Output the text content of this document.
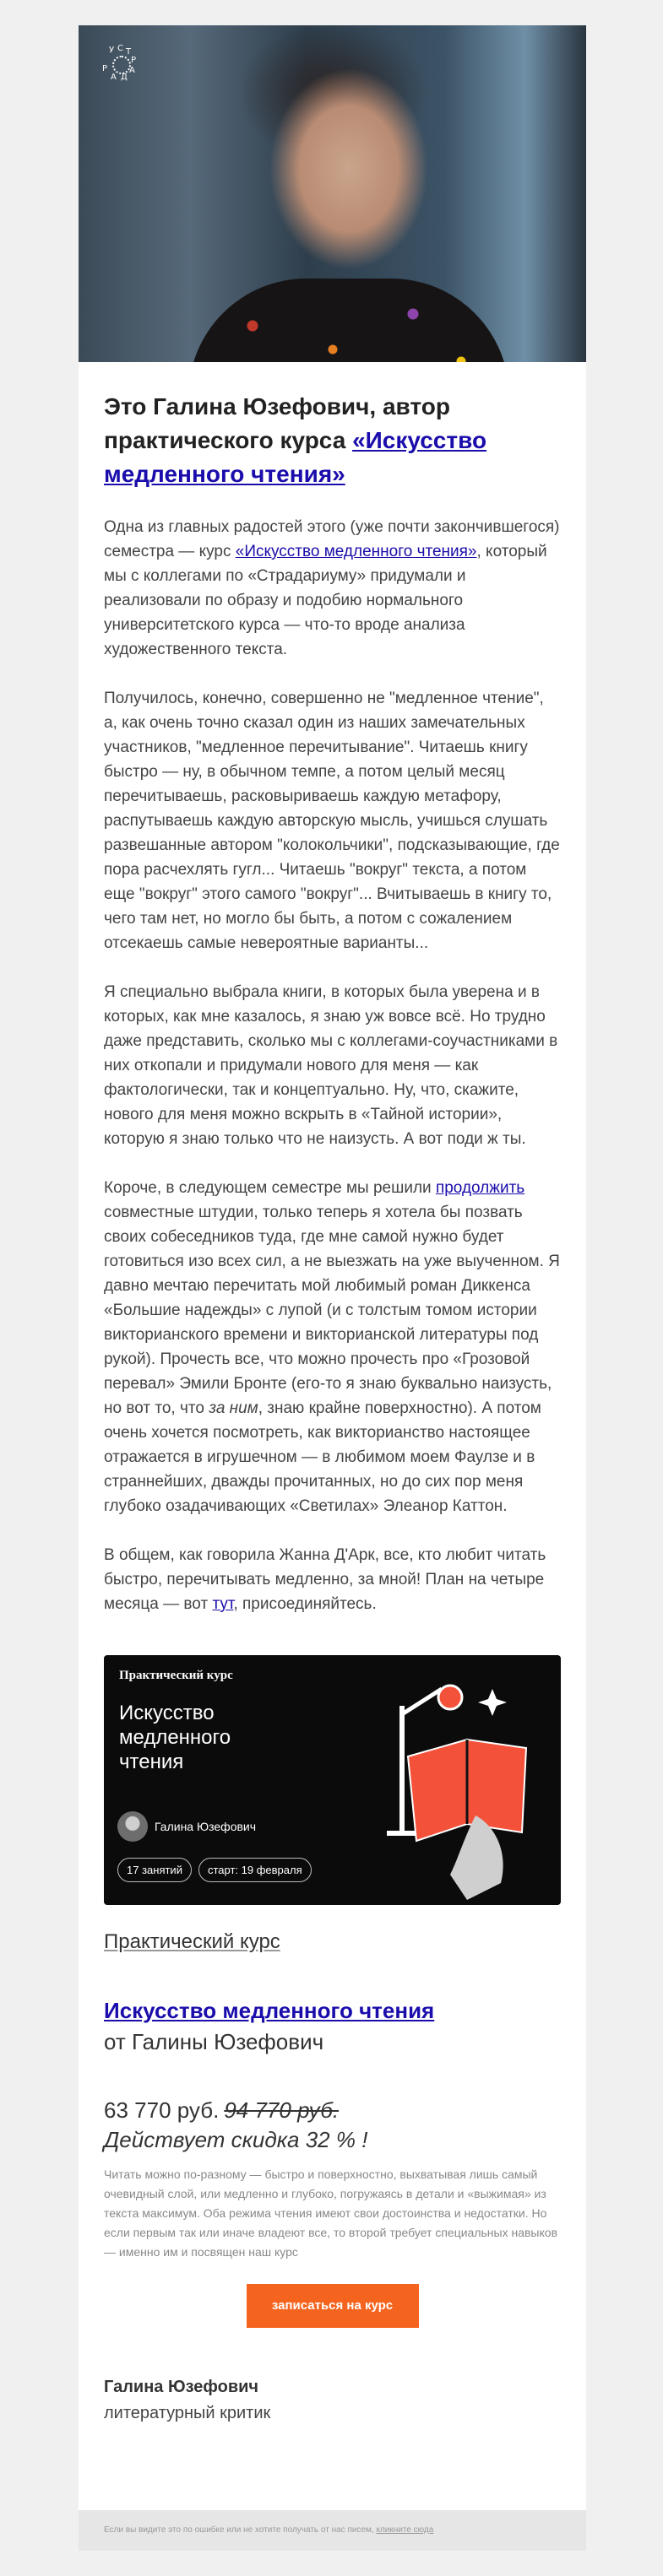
У С Т
Р
А
Д
А
Р
Это Галина Юзефович, автор практического курса «Искусство медленного чтения»

Одна из главных радостей этого (уже почти закончившегося) семестра — курс «Искусство медленного чтения», который мы с коллегами по «Страдариуму» придумали и реализовали по образу и подобию нормального университетского курса — что-то вроде анализа художественного текста.

Получилось, конечно, совершенно не "медленное чтение", а, как очень точно сказал один из наших замечательных участников, "медленное перечитывание". Читаешь книгу быстро — ну, в обычном темпе, а потом целый месяц перечитываешь, расковыриваешь каждую метафору, распутываешь каждую авторскую мысль, учишься слушать развешанные автором "колокольчики", подсказывающие, где пора расчехлять гугл... Читаешь "вокруг" текста, а потом еще "вокруг" этого самого "вокруг"... Вчитываешь в книгу то, чего там нет, но могло бы быть, а потом с сожалением отсекаешь самые невероятные варианты...

Я специально выбрала книги, в которых была уверена и в которых, как мне казалось, я знаю уж вовсе всё. Но трудно даже представить, сколько мы с коллегами-соучастниками в них откопали и придумали нового для меня — как фактологически, так и концептуально. Ну, что, скажите, нового для меня можно вскрыть в «Тайной истории», которую я знаю только что не наизусть. А вот поди ж ты.

Короче, в следующем семестре мы решили продолжить совместные штудии, только теперь я хотела бы позвать своих собеседников туда, где мне самой нужно будет готовиться изо всех сил, а не выезжать на уже выученном. Я давно мечтаю перечитать мой любимый роман Диккенса «Большие надежды» с лупой (и с толстым томом истории викторианского времени и викторианской литературы под рукой). Прочесть все, что можно прочесть про «Грозовой перевал» Эмили Бронте (его-то я знаю буквально наизусть, но вот то, что за ним, знаю крайне поверхностно). А потом очень хочется посмотреть, как викторианство настоящее отражается в игрушечном — в любимом моем Фаулзе и в страннейших, дважды прочитанных, но до сих пор меня глубоко озадачивающих «Светилах» Элеанор Каттон.

В общем, как говорила Жанна Д'Арк, все, кто любит читать быстро, перечитывать медленно, за мной! План на четыре месяца — вот тут, присоединяйтесь.

Практический курс
Искусство медленного чтения
Галина Юзефович
17 занятий	старт: 19 февраля
Практический курс
Искусство медленного чтения
от Галины Юзефович
63 770 руб. 94 770 руб.
Действует скидка 32 % !
Читать можно по-разному — быстро и поверхностно, выхватывая лишь самый очевидный слой, или медленно и глубоко, погружаясь в детали и «выжимая» из текста максимум. Оба режима чтения имеют свои достоинства и недостатки. Но если первым так или иначе владеют все, то второй требует специальных навыков — именно им и посвящен наш курс
записаться на курс
Галина Юзефович
литературный критик
Если вы видите это по ошибке или не хотите получать от нас писем, кликните сюда
